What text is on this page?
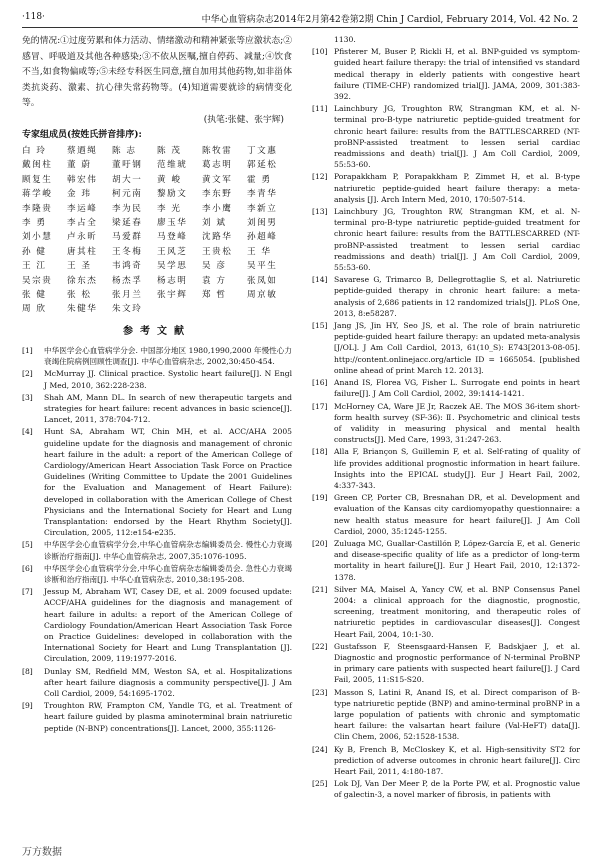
·118·	中华心血管病杂志2014年2月第42卷第2期 Chin J Cardiol, February 2014, Vol. 42 No. 2

免的情况:①过度劳累和体力活动、情绪激动和精神紧张等应激状态;②感冒、呼吸道及其他各种感染;③不依从医嘱,擅自停药、减量;④饮食不当,如食物偏咸等;⑤未经专科医生同意,擅自加用其他药物,如非甾体类抗炎药、激素、抗心律失常药物等。(4)知道需要就诊的病情变化等。

(执笔:张健、张宇辉)
专家组成员(按姓氏拼音排序):
白 玲	蔡迺绳	陈 志	陈 茂	陈牧雷	丁文惠
戴闺柱	董 蔚	董吁钢	范维琥	葛志明	郭延松
顾复生	韩宏伟	胡大一	黄 峻	黄文军	霍 勇
蒋学峻	金 玮	柯元南	黎励文	李东野	李青华
李隆贵	李运峰	李为民	李 光	李小鹰	李新立
李 勇	李占全	梁延春	廖玉华	刘 斌	刘闺男
刘小慧	卢永昕	马爱群	马登峰	沈路华	孙超峰
孙 健	唐其柱	王冬梅	王风芝	王贵松	王 华
王 江	王 圣	韦鸿奇	吴学思	吴 彦	吴平生
吴宗贵	徐东杰	杨杰孚	杨志明	袁 方	张凤如
张 健	张 松	张月兰	张宇辉	郑 哲	周京敏
周 欣	朱健华	朱文玲
参考文献
[1]	中华医学会心血管病学分会. 中国部分地区 1980,1990,2000 年慢性心力衰竭住院病例回顾性调查[J]. 中华心血管病杂志, 2002,30:450-454.
[2]	McMurray JJ. Clinical practice. Systolic heart failure[J]. N Engl J Med, 2010, 362:228-238.
[3]	Shah AM, Mann DL. In search of new therapeutic targets and strategies for heart failure: recent advances in basic science[J]. Lancet, 2011, 378:704-712.
[4]	Hunt SA, Abraham WT, Chin MH, et al. ACC/AHA 2005 guideline update for the diagnosis and management of chronic heart failure in the adult: a report of the American College of Cardiology/American Heart Association Task Force on Practice Guidelines (Writing Committee to Update the 2001 Guidelines for the Evaluation and Management of Heart Failure): developed in collaboration with the American College of Chest Physicians and the International Society for Heart and Lung Transplantation: endorsed by the Heart Rhythm Society[J]. Circulation, 2005, 112:e154-e235.
[5]	中华医学会心血管病学分会,中华心血管病杂志编辑委员会. 慢性心力衰竭诊断治疗指南[J]. 中华心血管病杂志, 2007,35:1076-1095.
[6]	中华医学会心血管病学分会,中华心血管病杂志编辑委员会. 急性心力衰竭诊断和治疗指南[J]. 中华心血管病杂志, 2010,38:195-208.
[7]	Jessup M, Abraham WT, Casey DE, et al. 2009 focused update: ACCF/AHA guidelines for the diagnosis and management of heart failure in adults: a report of the American College of Cardiology Foundation/American Heart Association Task Force on Practice Guidelines: developed in collaboration with the International Society for Heart and Lung Transplantation [J]. Circulation, 2009, 119:1977-2016.
[8]	Dunlay SM, Redfield MM, Weston SA, et al. Hospitalizations after heart failure diagnosis a community perspective[J]. J Am Coll Cardiol, 2009, 54:1695-1702.
[9]	Troughton RW, Frampton CM, Yandle TG, et al. Treatment of heart failure guided by plasma aminoterminal brain natriuretic peptide (N-BNP) concentrations[J]. Lancet, 2000, 355:1126-
1130.
[10] Pfisterer M, Buser P, Rickli H, et al. BNP-guided vs symptom-guided heart failure therapy: the trial of intensified vs standard medical therapy in elderly patients with congestive heart failure (TIME-CHF) randomized trial[J]. JAMA, 2009, 301:383-392.
[11] Lainchbury JG, Troughton RW, Strangman KM, et al. N-terminal pro-B-type natriuretic peptide-guided treatment for chronic heart failure: results from the BATTLESCARRED (NT-proBNP-assisted treatment to lessen serial cardiac readmissions and death) trial[J]. J Am Coll Cardiol, 2009, 55:53-60.
[12] Porapakkham P, Porapakkham P, Zimmet H, et al. B-type natriuretic peptide-guided heart failure therapy: a meta-analysis [J]. Arch Intern Med, 2010, 170:507-514.
[13] Lainchbury JG, Troughton RW, Strangman KM, et al. N-terminal pro-B-type natriuretic peptide-guided treatment for chronic heart failure: results from the BATTLESCARRED (NT-proBNP-assisted treatment to lessen serial cardiac readmissions and death) trial[J]. J Am Coll Cardiol, 2009, 55:53-60.
[14] Savarese G, Trimarco B, Dellegrottaglie S, et al. Natriuretic peptide-guided therapy in chronic heart failure: a meta-analysis of 2,686 patients in 12 randomized trials[J]. PLoS One, 2013, 8:e58287.
[15] Jang JS, Jin HY, Seo JS, et al. The role of brain natriuretic peptide-guided heart failure therapy: an updated meta-analysis [J/OL]. J Am Coll Cardiol, 2013, 61(10_S): E743[2013-08-05]. http://content.onlinejacc.org/article ID = 1665054. [published online ahead of print March 12. 2013].
[16] Anand IS, Florea VG, Fisher L. Surrogate end points in heart failure[J]. J Am Coll Cardiol, 2002, 39:1414-1421.
[17] McHorney CA, Ware JE Jr, Raczek AE. The MOS 36-item short-form health survey (SF-36): Ⅱ. Psychometric and clinical tests of validity in measuring physical and mental health constructs[J]. Med Care, 1993, 31:247-263.
[18] Alla F, Briançon S, Guillemin F, et al. Self-rating of quality of life provides additional prognostic information in heart failure. Insights into the EPICAL study[J]. Eur J Heart Fail, 2002, 4:337-343.
[19] Green CP, Porter CB, Bresnahan DR, et al. Development and evaluation of the Kansas city cardiomyopathy questionnaire: a new health status measure for heart failure[J]. J Am Coll Cardiol, 2000, 35:1245-1255.
[20] Zuluaga MC, Guallar-Castillón P, López-García E, et al. Generic and disease-specific quality of life as a predictor of long-term mortality in heart failure[J]. Eur J Heart Fail, 2010, 12:1372-1378.
[21] Silver MA, Maisel A, Yancy CW, et al. BNP Consensus Panel 2004: a clinical approach for the diagnostic, prognostic, screening, treatment monitoring, and therapeutic roles of natriuretic peptides in cardiovascular diseases[J]. Congest Heart Fail, 2004, 10:1-30.
[22] Gustafsson F, Steensgaard-Hansen F, Badskjaer J, et al. Diagnostic and prognostic performance of N-terminal ProBNP in primary care patients with suspected heart failure[J]. J Card Fail, 2005, 11:S15-S20.
[23] Masson S, Latini R, Anand IS, et al. Direct comparison of B-type natriuretic peptide (BNP) and amino-terminal proBNP in a large population of patients with chronic and symptomatic heart failure: the valsartan heart failure (Val-HeFT) data[J]. Clin Chem, 2006, 52:1528-1538.
[24] Ky B, French B, McCloskey K, et al. High-sensitivity ST2 for prediction of adverse outcomes in chronic heart failure[J]. Circ Heart Fail, 2011, 4:180-187.
[25] Lok DJ, Van Der Meer P, de la Porte PW, et al. Prognostic value of galectin-3, a novel marker of fibrosis, in patients with
万方数据
